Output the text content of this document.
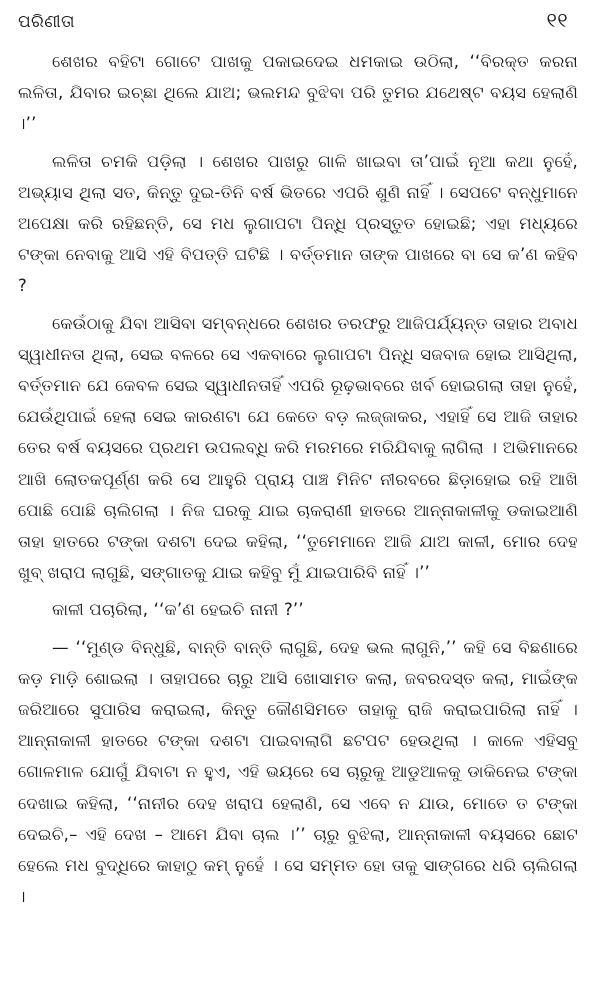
ପରିଣୀତା	୧୧

ଶେଖର ବହିଟା ଗୋଟେ ପାଖକୁ ପକାଇଦେଇ ଧମକାଇ ଉଠିଲା, ‘‘ବିରକ୍ତ କରନା ଲଳିତା, ଯିବାର ଇଚ୍ଛା ଥିଲେ ଯାଅ; ଭଲମନ୍ଦ ବୁଝିବା ପରି ତୁମର ଯଥେଷ୍ଟ ବୟସ ହେଲାଣି ।’’

ଲଳିତା ଚମକି ପଡ଼ିଲା । ଶେଖର ପାଖରୁ ଗାଳି ଖାଇବା ତା’ପାଇଁ ନୂଆ କଥା ନୁହେଁ, ଅଭ୍ୟାସ ଥିଲା ସତ, କିନ୍ତୁ ଦୁଇ-ତିନି ବର୍ଷ ଭିତରେ ଏପରି ଶୁଣି ନାହିଁ । ସେପଟେ ବନ୍ଧୁମାନେ ଅପେକ୍ଷା କରି ରହିଛନ୍ତି, ସେ ମଧ ଲୁଗାପଟା ପିନ୍ଧି ପ୍ରସ୍ତୁତ ହୋଇଛି; ଏହା ମଧ୍ୟରେ ଟଙ୍କା ନେବାକୁ ଆସି ଏହି ବିପତ୍ତି ଘଟିଛି । ବର୍ତ୍ତମାନ ତାଙ୍କ ପାଖରେ ବା ସେ କ’ଣ କହିବ ?

କେଉଁଠାକୁ ଯିବା ଆସିବା ସମ୍ବନ୍ଧରେ ଶେଖର ତରଫରୁ ଆଜିପର୍ଯ୍ୟନ୍ତ ତାହାର ଅବାଧ ସ୍ୱାଧୀନତା ଥିଲା, ସେଇ ବଳରେ ସେ ଏକବାରେ ଲୁଗାପଟା ପିନ୍ଧି ସଜବାଜ ହୋଇ ଆସିଥିଲା, ବର୍ତ୍ତମାନ ଯେ କେବଳ ସେଇ ସ୍ୱାଧୀନତାହିଁ ଏପରି ରୂଢ଼ଭାବରେ ଖର୍ବ ହୋଇଗଲା ତାହା ନୁହେଁ, ଯେଉଁଥିପାଇଁ ହେଲା ସେଇ କାରଣଟା ଯେ କେତେ ବଡ଼ ଲଜ୍ଜାକର, ଏହାହିଁ ସେ ଆଜି ତାହାର ତେର ବର୍ଷ ବୟସରେ ପ୍ରଥମ ଉପଲବ୍ଧି କରି ମରମରେ ମରିଯିବାକୁ ଲାଗିଲା । ଅଭିମାନରେ ଆଖି ଲୋତକପୂର୍ଣ୍ଣ କରି ସେ ଆହୁରି ପ୍ରାୟ ପାଞ୍ଚ ମିନିଟ ନୀରବରେ ଛିଡ଼ାହୋଇ ରହି ଆଖି ପୋଛି ପୋଛି ଚାଲିଗଲା । ନିଜ ଘରକୁ ଯାଇ ଚାକରାଣୀ ହାତରେ ଆନ୍ନାକାଳୀକୁ ଡକାଇଆଣି ତାହା ହାତରେ ଟଙ୍କା ଦଶଟା ଦେଇ କହିଲା, ‘‘ତୁମେମାନେ ଆଜି ଯାଅ କାଳୀ, ମୋର ଦେହ ଖୁବ୍ ଖରାପ ଲାଗୁଛି, ସଙ୍ଗାତକୁ ଯାଇ କହିବୁ ମୁଁ ଯାଇପାରିବି ନାହିଁ ।’’

କାଳୀ ପଚାରିଲା, ‘‘କ’ଣ ହେଇଚି ନାନୀ ?’’

— ‘‘ମୁଣ୍ଡ ବିନ୍ଧୁଛି, ବାନ୍ତି ବାନ୍ତି ଲାଗୁଛି, ଦେହ ଭଲ ଲାଗୁନି,’’ କହି ସେ ବିଛଣାରେ କଡ଼ ମାଡ଼ି ଶୋଇଲା । ତାହାପରେ ଚାରୁ ଆସି ଖୋସାମତ କଲା, ଜବରଦସ୍ତ କଲା, ମାଇଁଙ୍କ ଜରିଆରେ ସୁପାରିସ କରାଇଲା, କିନ୍ତୁ କୌଣସିମତେ ତାହାକୁ ରାଜି କରାଇପାରିଲା ନାହିଁ । ଆନ୍ନାକାଳୀ ହାତରେ ଟଙ୍କା ଦଶଟା ପାଇବାଲାଗି ଛଟପଟ ହେଉଥିଲା । କାଳେ ଏହିସବୁ ଗୋଳମାଳ ଯୋଗୁଁ ଯିବାଟା ନ ହୁଏ, ଏହି ଭୟରେ ସେ ଚାରୁକୁ ଆଡୁଆଳକୁ ଡାକିନେଇ ଟଙ୍କା ଦେଖାଇ କହିଲା, ‘‘ନାନୀର ଦେହ ଖରାପ ହେଲାଣି, ସେ ଏବେ ନ ଯାଉ, ମୋତେ ତ ଟଙ୍କା ଦେଇଚି,– ଏହି ଦେଖ – ଆମେ ଯିବା ଚାଲ ।’’ ଚାରୁ ବୁଝିଲା, ଆନ୍ନାକାଳୀ ବୟସରେ ଛୋଟ ହେଲେ ମଧ ବୁଦ୍ଧିରେ କାହାଠୁ କମ୍ ନୁହେଁ । ସେ ସମ୍ମତ ହୋ ତାକୁ ସାଙ୍ଗରେ ଧରି ଚାଲିଗଲା ।
